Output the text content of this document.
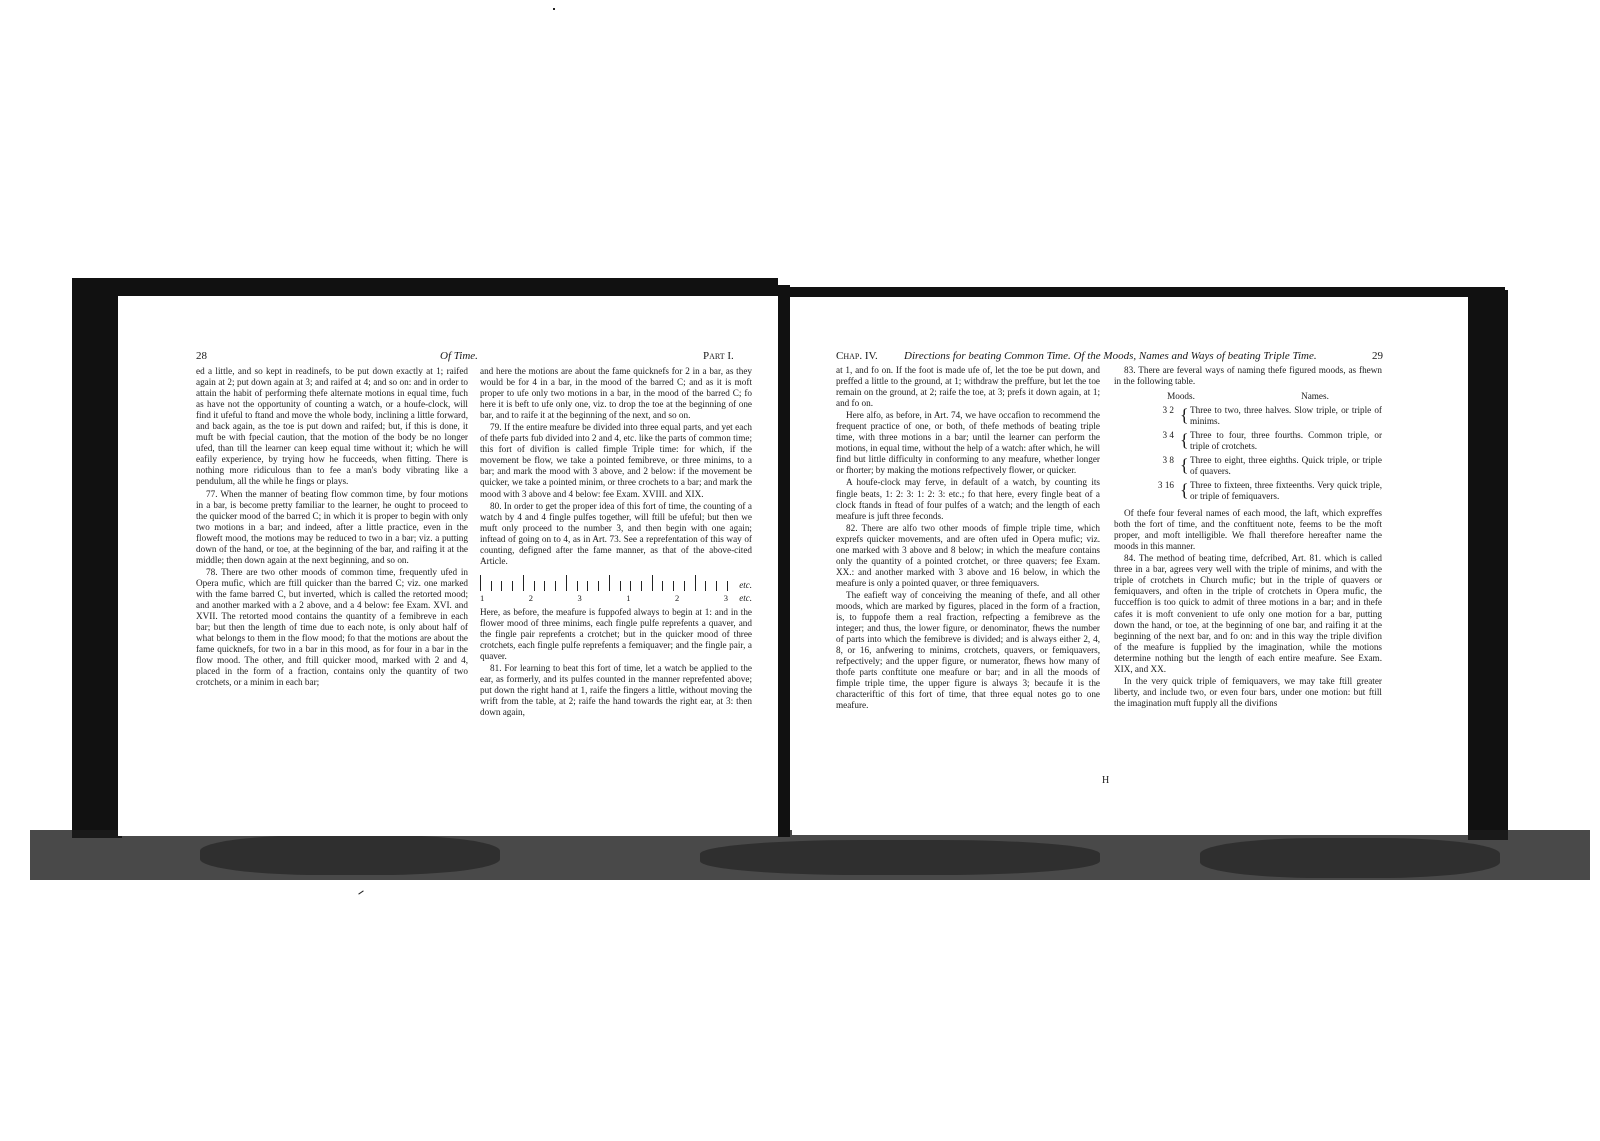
28	Of Time.	Part I.

ed a little, and so kept in readinefs, to be put down exactly at 1; raifed again at 2; put down again at 3; and raifed at 4; and so on: and in order to attain the habit of performing thefe alternate motions in equal time, fuch as have not the opportunity of counting a watch, or a houfe-clock, will find it ufeful to ftand and move the whole body, inclining a little forward, and back again, as the toe is put down and raifed; but, if this is done, it muft be with fpecial caution, that the motion of the body be no longer ufed, than till the learner can keep equal time without it; which he will eafily experience, by trying how he fucceeds, when fitting. There is nothing more ridiculous than to fee a man's body vibrating like a pendulum, all the while he fings or plays.

77. When the manner of beating flow common time, by four motions in a bar, is become pretty familiar to the learner, he ought to proceed to the quicker mood of the barred C; in which it is proper to begin with only two motions in a bar; and indeed, after a little practice, even in the floweft mood, the motions may be reduced to two in a bar; viz. a putting down of the hand, or toe, at the beginning of the bar, and raifing it at the middle; then down again at the next beginning, and so on.

78. There are two other moods of common time, frequently ufed in Opera mufic, which are ftill quicker than the barred C; viz. one marked with the fame barred C, but inverted, which is called the retorted mood; and another marked with a 2 above, and a 4 below: fee Exam. XVI. and XVII. The retorted mood contains the quantity of a femibreve in each bar; but then the length of time due to each note, is only about half of what belongs to them in the flow mood; fo that the motions are about the fame quicknefs, for two in a bar in this mood, as for four in a bar in the flow mood. The other, and ftill quicker mood, marked with 2 and 4, placed in the form of a fraction, contains only the quantity of two crotchets, or a minim in each bar;

and here the motions are about the fame quicknefs for 2 in a bar, as they would be for 4 in a bar, in the mood of the barred C; and as it is moft proper to ufe only two motions in a bar, in the mood of the barred C; fo here it is beft to ufe only one, viz. to drop the toe at the beginning of one bar, and to raife it at the beginning of the next, and so on.

79. If the entire meafure be divided into three equal parts, and yet each of thefe parts fub divided into 2 and 4, etc. like the parts of common time; this fort of divifion is called fimple Triple time: for which, if the movement be flow, we take a pointed femibreve, or three minims, to a bar; and mark the mood with 3 above, and 2 below: if the movement be quicker, we take a pointed minim, or three crochets to a bar; and mark the mood with 3 above and 4 below: fee Exam. XVIII. and XIX.

80. In order to get the proper idea of this fort of time, the counting of a watch by 4 and 4 fingle pulfes together, will ftill be ufeful; but then we muft only proceed to the number 3, and then begin with one again; inftead of going on to 4, as in Art. 73. See a reprefentation of this way of counting, defigned after the fame manner, as that of the above-cited Article.

etc.
1	2	3	1	2	3 etc.

Here, as before, the meafure is fuppofed always to begin at 1: and in the flower mood of three minims, each fingle pulfe reprefents a quaver, and the fingle pair reprefents a crotchet; but in the quicker mood of three crotchets, each fingle pulfe reprefents a femiquaver; and the fingle pair, a quaver.

81. For learning to beat this fort of time, let a watch be applied to the ear, as formerly, and its pulfes counted in the manner reprefented above; put down the right hand at 1, raife the fingers a little, without moving the wrift from the table, at 2; raife the hand towards the right ear, at 3: then down again,

Chap. IV. Directions for beating Common Time. Of the Moods, Names and Ways of beating Triple Time.	29

at 1, and fo on. If the foot is made ufe of, let the toe be put down, and preffed a little to the ground, at 1; withdraw the preffure, but let the toe remain on the ground, at 2; raife the toe, at 3; prefs it down again, at 1; and fo on.

Here alfo, as before, in Art. 74, we have occafion to recommend the frequent practice of one, or both, of thefe methods of beating triple time, with three motions in a bar; until the learner can perform the motions, in equal time, without the help of a watch: after which, he will find but little difficulty in conforming to any meafure, whether longer or fhorter; by making the motions refpectively flower, or quicker.

A houfe-clock may ferve, in default of a watch, by counting its fingle beats, 1: 2: 3: 1: 2: 3: etc.; fo that here, every fingle beat of a clock ftands in ftead of four pulfes of a watch; and the length of each meafure is juft three feconds.

82. There are alfo two other moods of fimple triple time, which exprefs quicker movements, and are often ufed in Opera mufic; viz. one marked with 3 above and 8 below; in which the meafure contains only the quantity of a pointed crotchet, or three quavers; fee Exam. XX.: and another marked with 3 above and 16 below, in which the meafure is only a pointed quaver, or three femiquavers.

The eafieft way of conceiving the meaning of thefe, and all other moods, which are marked by figures, placed in the form of a fraction, is, to fuppofe them a real fraction, refpecting a femibreve as the integer; and thus, the lower figure, or denominator, fhews the number of parts into which the femibreve is divided; and is always either 2, 4, 8, or 16, anfwering to minims, crotchets, quavers, or femiquavers, refpectively; and the upper figure, or numerator, fhews how many of thofe parts conftitute one meafure or bar; and in all the moods of fimple triple time, the upper figure is always 3; becaufe it is the characteriftic of this fort of time, that three equal notes go to one meafure.

83. There are feveral ways of naming thefe figured moods, as fhewn in the following table.

Moods.	Names.
3 2 { Three to two, three halves. Slow triple, or triple of minims.
3 4 { Three to four, three fourths. Common triple, or triple of crotchets.
3 8 { Three to eight, three eighths. Quick triple, or triple of quavers.
3 16 { Three to fixteen, three fixteenths. Very quick triple, or triple of femiquavers.

Of thefe four feveral names of each mood, the laft, which expreffes both the fort of time, and the conftituent note, feems to be the moft proper, and moft intelligible. We fhall therefore hereafter name the moods in this manner.

84. The method of beating time, defcribed, Art. 81. which is called three in a bar, agrees very well with the triple of minims, and with the triple of crotchets in Church mufic; but in the triple of quavers or femiquavers, and often in the triple of crotchets in Opera mufic, the fucceffion is too quick to admit of three motions in a bar; and in thefe cafes it is moft convenient to ufe only one motion for a bar, putting down the hand, or toe, at the beginning of one bar, and raifing it at the beginning of the next bar, and fo on: and in this way the triple divifion of the meafure is fupplied by the imagination, while the motions determine nothing but the length of each entire meafure. See Exam. XIX, and XX.

In the very quick triple of femiquavers, we may take ftill greater liberty, and include two, or even four bars, under one motion: but ftill the imagination muft fupply all the divifions

H
